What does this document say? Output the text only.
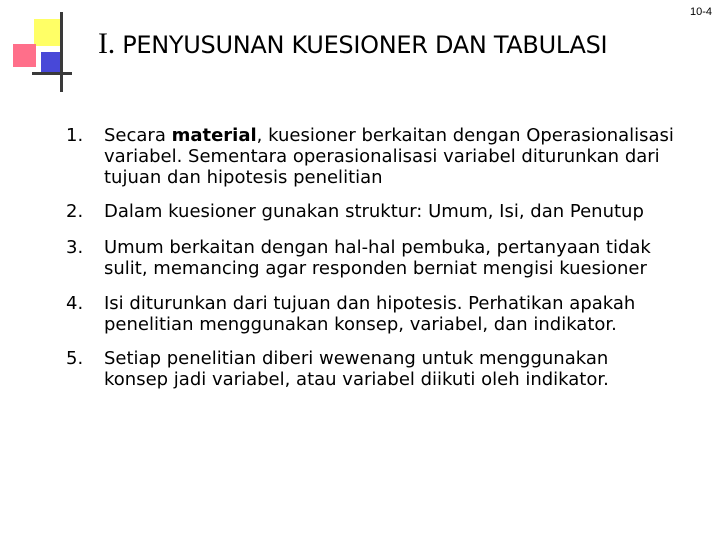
10-4
I. PENYUSUNAN KUESIONER DAN TABULASI
1. Secara material, kuesioner berkaitan dengan Operasionalisasi variabel. Sementara operasionalisasi variabel diturunkan dari tujuan dan hipotesis penelitian
2. Dalam kuesioner gunakan struktur: Umum, Isi, dan Penutup
3. Umum berkaitan dengan hal-hal pembuka, pertanyaan tidak sulit, memancing agar responden berniat mengisi kuesioner
4. Isi diturunkan dari tujuan dan hipotesis. Perhatikan apakah penelitian menggunakan konsep, variabel, dan indikator.
5. Setiap penelitian diberi wewenang untuk menggunakan konsep jadi variabel, atau variabel diikuti oleh indikator.
